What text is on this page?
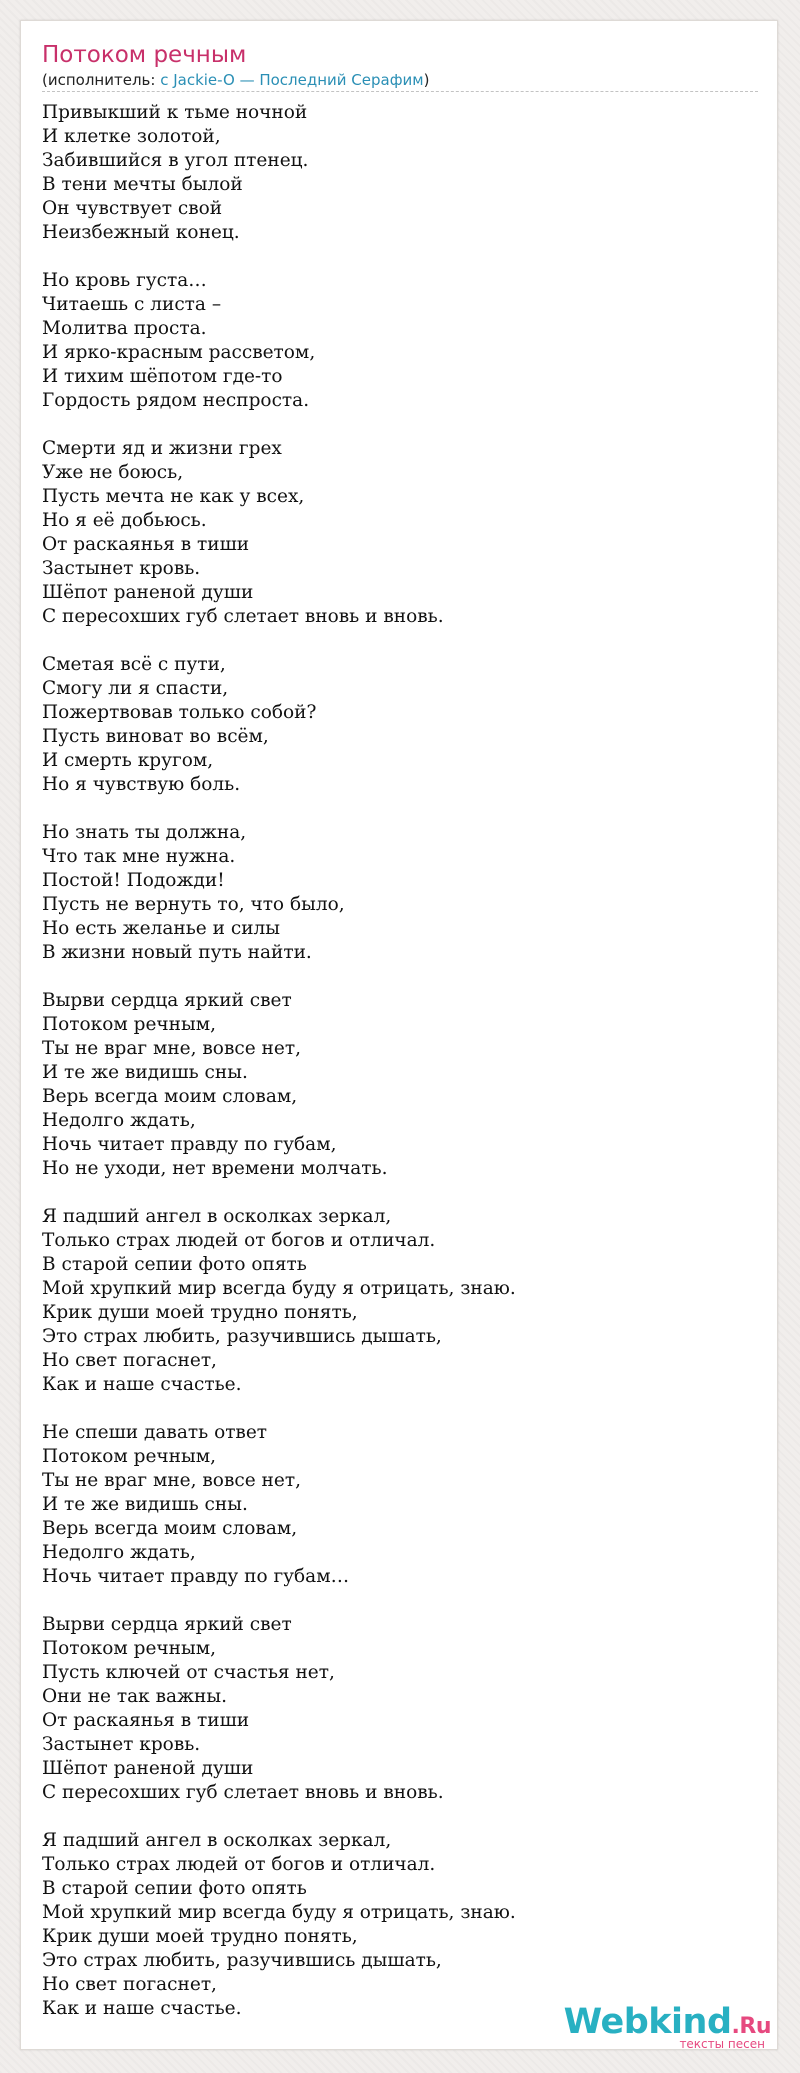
Потоком речным
(исполнитель: c Jackie-O — Последний Серафим)
Привыкший к тьме ночной
И клетке золотой,
Забившийся в угол птенец.
В тени мечты былой
Он чувствует свой
Неизбежный конец.
Но кровь густа…
Читаешь с листа –
Молитва проста.
И ярко-красным рассветом,
И тихим шёпотом где-то
Гордость рядом неспроста.
Смерти яд и жизни грех
Уже не боюсь,
Пусть мечта не как у всех,
Но я её добьюсь.
От раскаянья в тиши
Застынет кровь.
Шёпот раненой души
С пересохших губ слетает вновь и вновь.
Сметая всё с пути,
Смогу ли я спасти,
Пожертвовав только собой?
Пусть виноват во всём,
И смерть кругом,
Но я чувствую боль.
Но знать ты должна,
Что так мне нужна.
Постой! Подожди!
Пусть не вернуть то, что было,
Но есть желанье и силы
В жизни новый путь найти.
Вырви сердца яркий свет
Потоком речным,
Ты не враг мне, вовсе нет,
И те же видишь сны.
Верь всегда моим словам,
Недолго ждать,
Ночь читает правду по губам,
Но не уходи, нет времени молчать.
Я падший ангел в осколках зеркал,
Только страх людей от богов и отличал.
В старой сепии фото опять
Мой хрупкий мир всегда буду я отрицать, знаю.
Крик души моей трудно понять,
Это страх любить, разучившись дышать,
Но свет погаснет,
Как и наше счастье.
Не спеши давать ответ
Потоком речным,
Ты не враг мне, вовсе нет,
И те же видишь сны.
Верь всегда моим словам,
Недолго ждать,
Ночь читает правду по губам…
Вырви сердца яркий свет
Потоком речным,
Пусть ключей от счастья нет,
Они не так важны.
От раскаянья в тиши
Застынет кровь.
Шёпот раненой души
С пересохших губ слетает вновь и вновь.
Я падший ангел в осколках зеркал,
Только страх людей от богов и отличал.
В старой сепии фото опять
Мой хрупкий мир всегда буду я отрицать, знаю.
Крик души моей трудно понять,
Это страх любить, разучившись дышать,
Но свет погаснет,
Как и наше счастье.	Webkind.Ru
тексты песен
